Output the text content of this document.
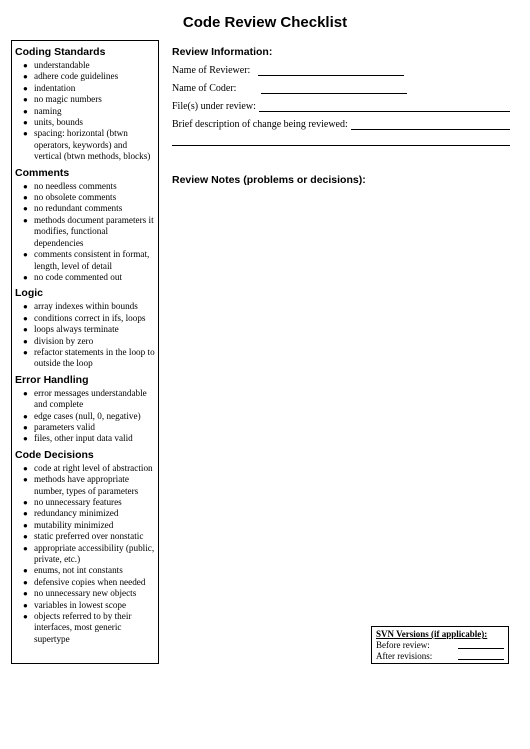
Code Review Checklist
Coding Standards
● understandable
● adhere code guidelines
● indentation
● no magic numbers
● naming
● units, bounds
● spacing: horizontal (btwn operators, keywords) and vertical (btwn methods, blocks)
Comments
● no needless comments
● no obsolete comments
● no redundant comments
● methods document parameters it modifies, functional dependencies
● comments consistent in format, length, level of detail
● no code commented out
Logic
● array indexes within bounds
● conditions correct in ifs, loops
● loops always terminate
● division by zero
● refactor statements in the loop to outside the loop
Error Handling
● error messages understandable and complete
● edge cases (null, 0, negative)
● parameters valid
● files, other input data valid
Code Decisions
● code at right level of abstraction
● methods have appropriate number, types of parameters
● no unnecessary features
● redundancy minimized
● mutability minimized
● static preferred over nonstatic
● appropriate accessibility (public, private, etc.)
● enums, not int constants
● defensive copies when needed
● no unnecessary new objects
● variables in lowest scope
● objects referred to by their interfaces, most generic supertype
Review Information:
Name of Reviewer:
Name of Coder:
File(s) under review:
Brief description of change being reviewed:
Review Notes (problems or decisions):
SVN Versions (if applicable):
Before review:
After revisions:
